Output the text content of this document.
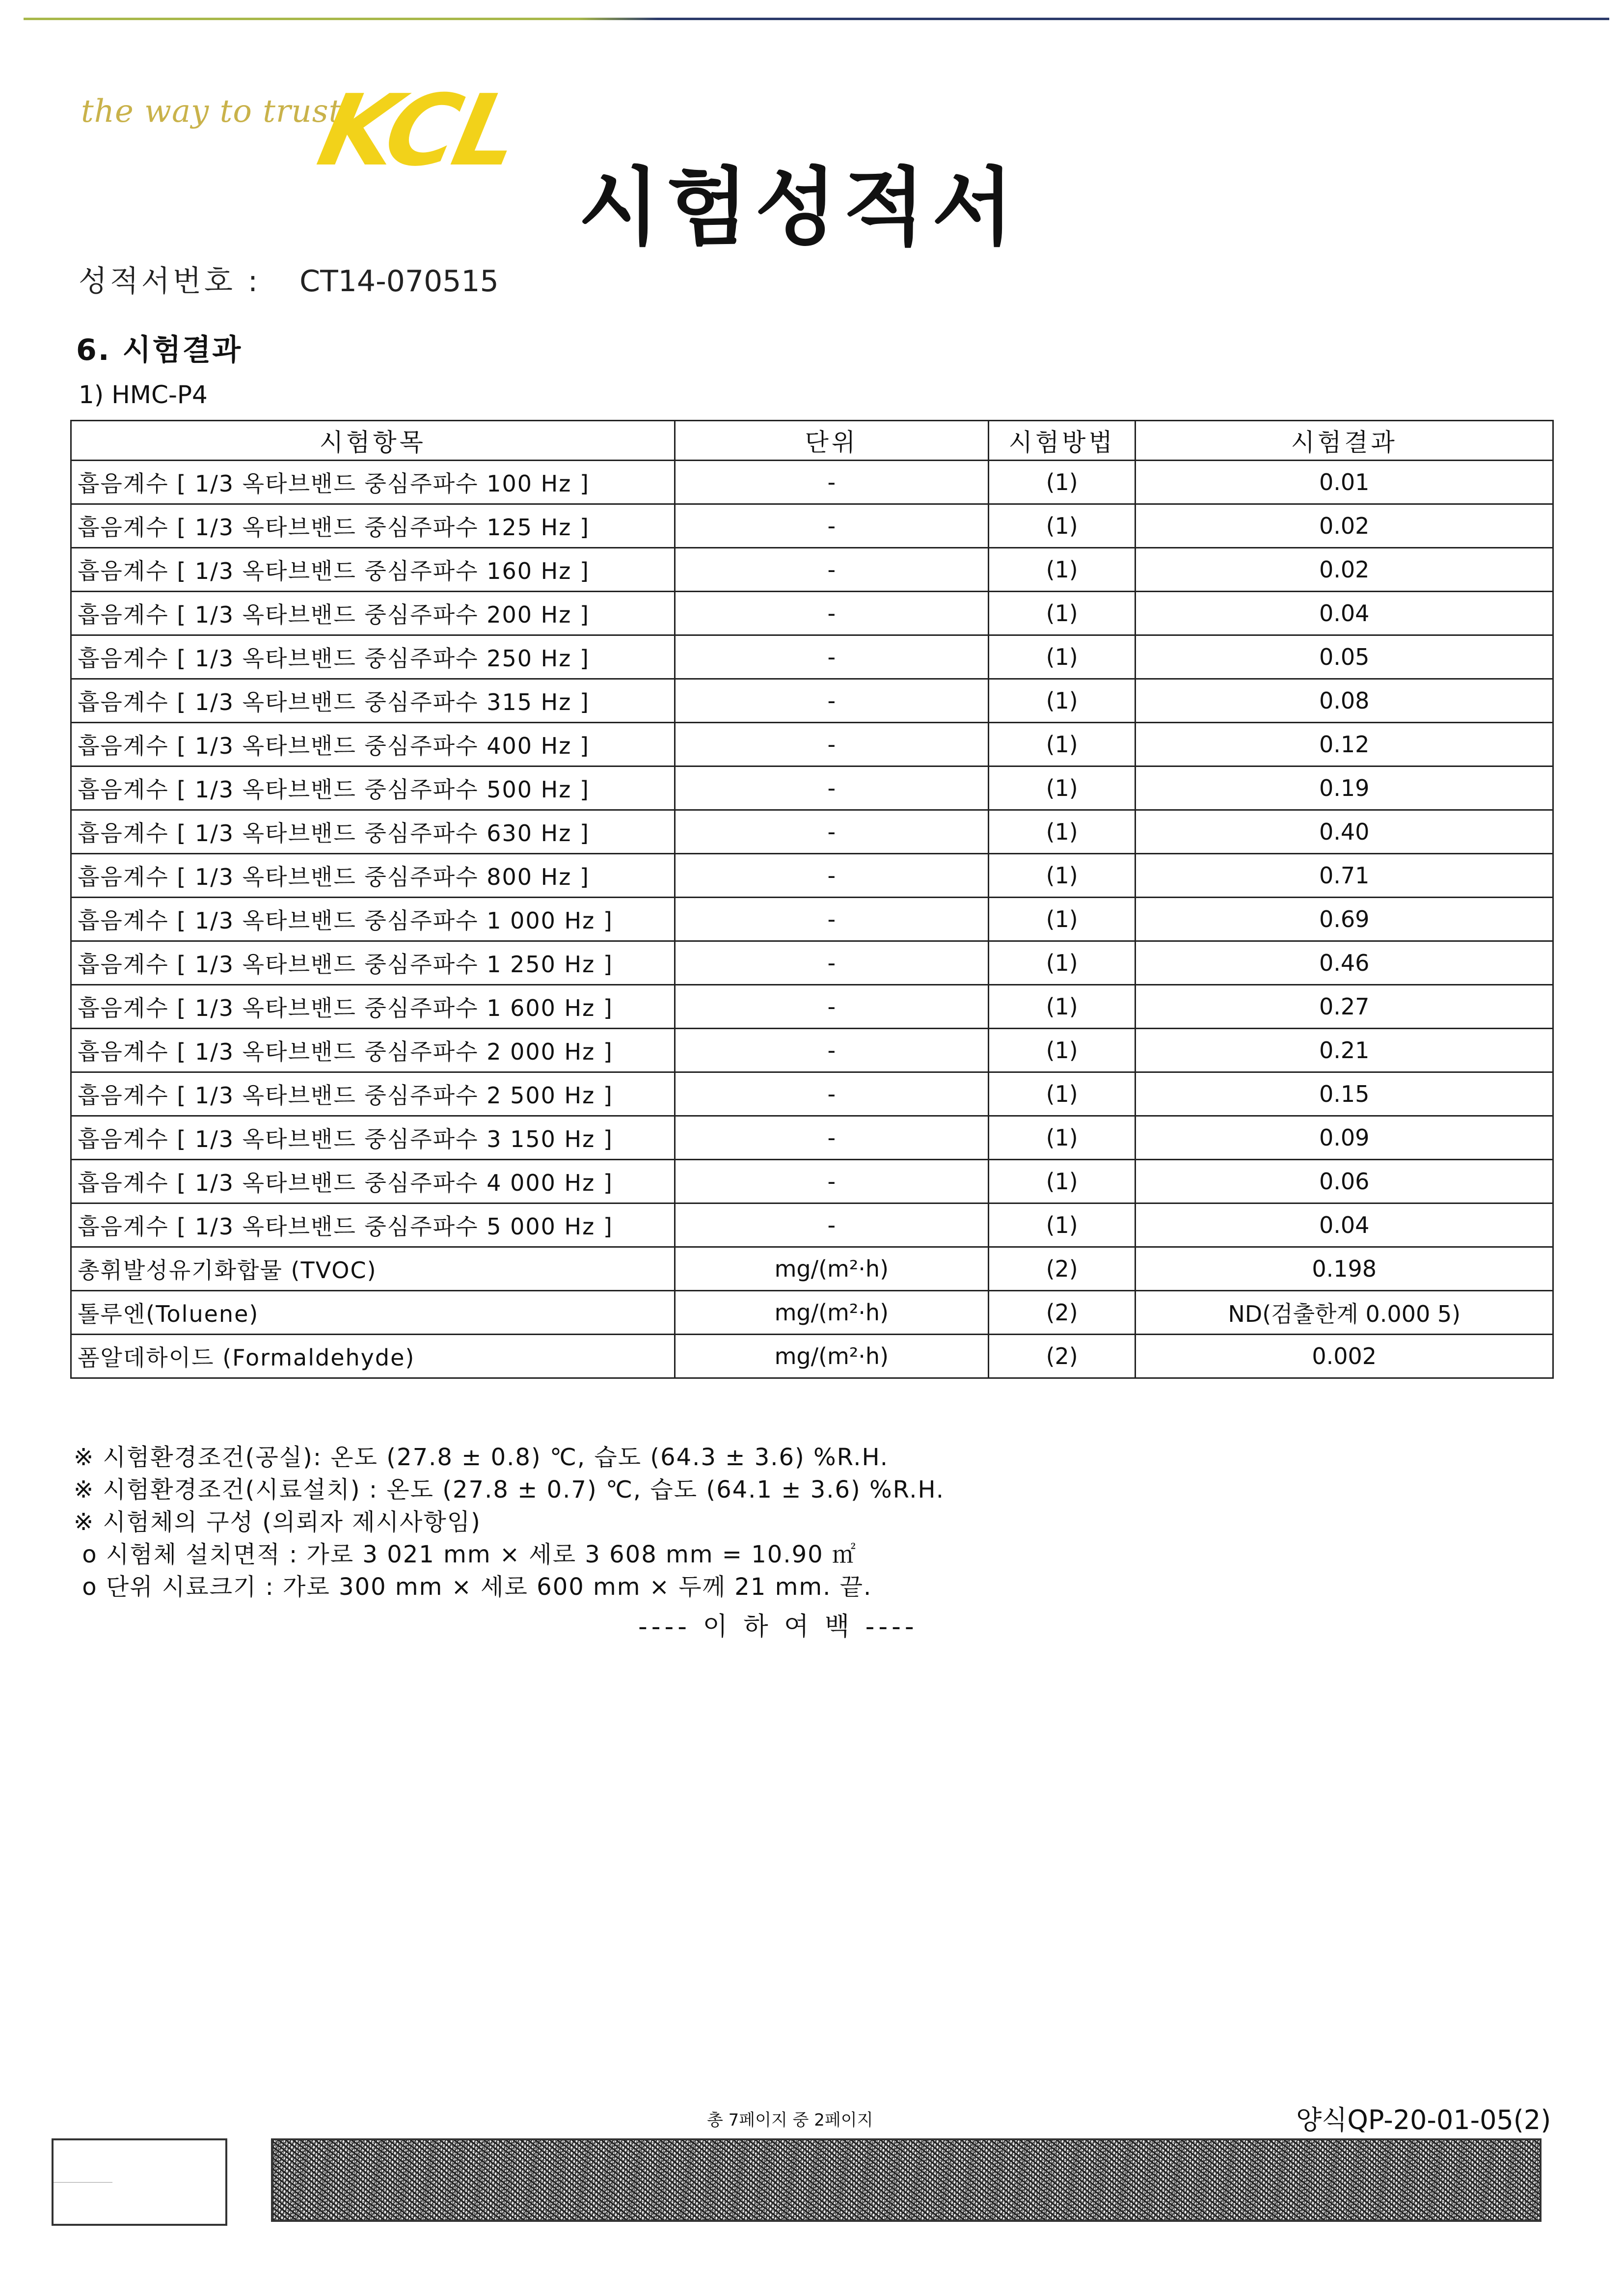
the way to trust
KCL
시험성적서
성적서번호 : CT14-070515
6. 시험결과
1) HMC-P4
시험항목	단위	시험방법	시험결과
흡음계수 [ 1/3 옥타브밴드 중심주파수 100 Hz ]	-	(1)	0.01
흡음계수 [ 1/3 옥타브밴드 중심주파수 125 Hz ]	-	(1)	0.02
흡음계수 [ 1/3 옥타브밴드 중심주파수 160 Hz ]	-	(1)	0.02
흡음계수 [ 1/3 옥타브밴드 중심주파수 200 Hz ]	-	(1)	0.04
흡음계수 [ 1/3 옥타브밴드 중심주파수 250 Hz ]	-	(1)	0.05
흡음계수 [ 1/3 옥타브밴드 중심주파수 315 Hz ]	-	(1)	0.08
흡음계수 [ 1/3 옥타브밴드 중심주파수 400 Hz ]	-	(1)	0.12
흡음계수 [ 1/3 옥타브밴드 중심주파수 500 Hz ]	-	(1)	0.19
흡음계수 [ 1/3 옥타브밴드 중심주파수 630 Hz ]	-	(1)	0.40
흡음계수 [ 1/3 옥타브밴드 중심주파수 800 Hz ]	-	(1)	0.71
흡음계수 [ 1/3 옥타브밴드 중심주파수 1 000 Hz ]	-	(1)	0.69
흡음계수 [ 1/3 옥타브밴드 중심주파수 1 250 Hz ]	-	(1)	0.46
흡음계수 [ 1/3 옥타브밴드 중심주파수 1 600 Hz ]	-	(1)	0.27
흡음계수 [ 1/3 옥타브밴드 중심주파수 2 000 Hz ]	-	(1)	0.21
흡음계수 [ 1/3 옥타브밴드 중심주파수 2 500 Hz ]	-	(1)	0.15
흡음계수 [ 1/3 옥타브밴드 중심주파수 3 150 Hz ]	-	(1)	0.09
흡음계수 [ 1/3 옥타브밴드 중심주파수 4 000 Hz ]	-	(1)	0.06
흡음계수 [ 1/3 옥타브밴드 중심주파수 5 000 Hz ]	-	(1)	0.04
총휘발성유기화합물 (TVOC)	mg/(m²·h)	(2)	0.198
톨루엔(Toluene)	mg/(m²·h)	(2)	ND(검출한계 0.000 5)
폼알데하이드 (Formaldehyde)	mg/(m²·h)	(2)	0.002
※ 시험환경조건(공실): 온도 (27.8 ± 0.8) ℃, 습도 (64.3 ± 3.6) %R.H.
※ 시험환경조건(시료설치) : 온도 (27.8 ± 0.7) ℃, 습도 (64.1 ± 3.6) %R.H.
※ 시험체의 구성 (의뢰자 제시사항임)
o 시험체 설치면적 : 가로 3 021 mm × 세로 3 608 mm = 10.90 ㎡
o 단위 시료크기 : 가로 300 mm × 세로 600 mm × 두께 21 mm. 끝.
---- 이 하 여 백 ----
총 7페이지 중 2페이지	양식QP-20-01-05(2)
